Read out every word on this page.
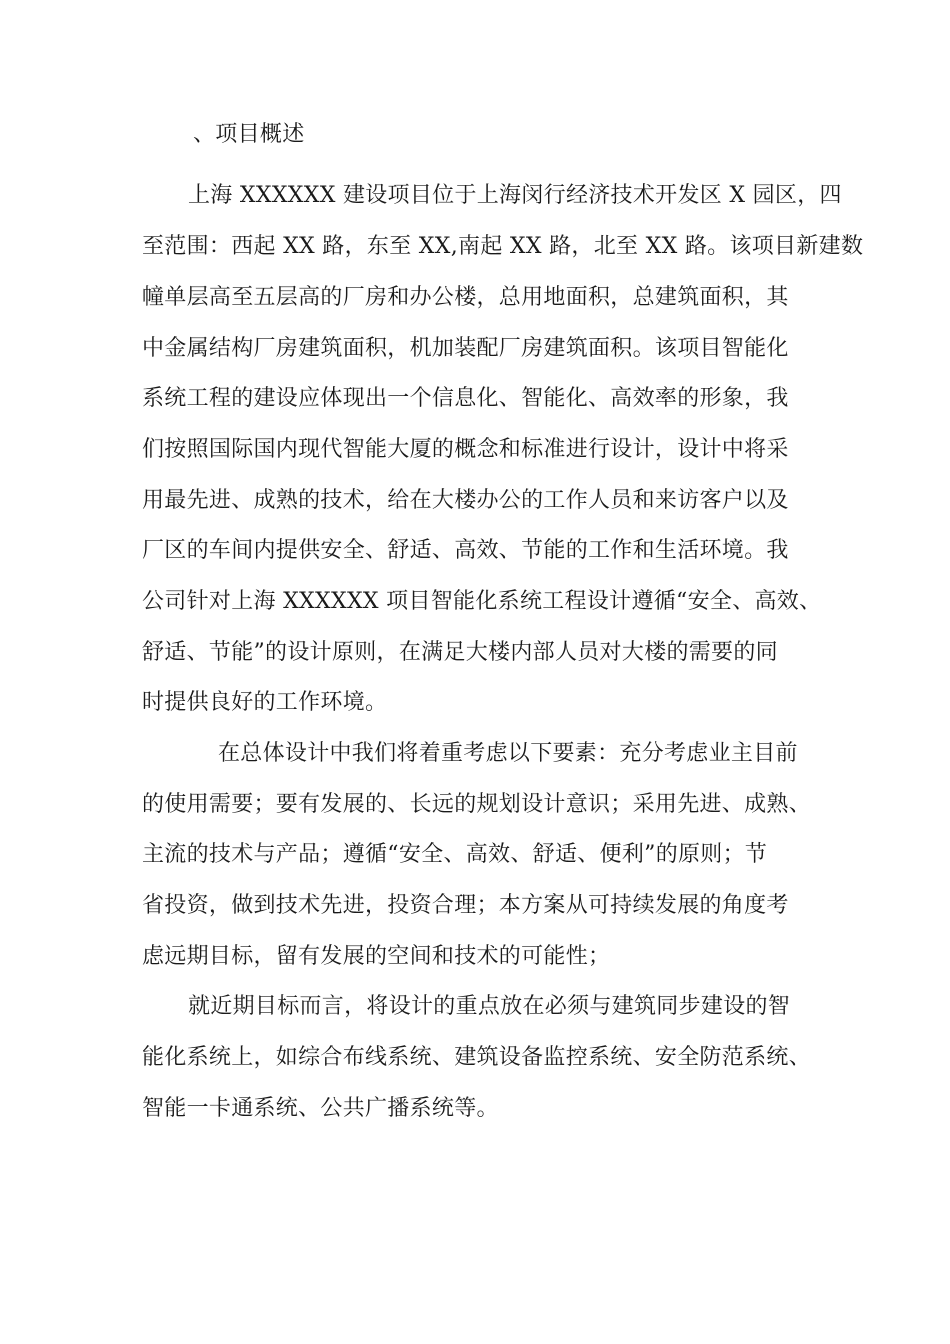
、项目概述
上海 XXXXXX 建设项目位于上海闵行经济技术开发区 X 园区，四
至范围：西起 XX 路，东至 XX,南起 XX 路，北至 XX 路。该项目新建数
幢单层高至五层高的厂房和办公楼，总用地面积，总建筑面积，其
中金属结构厂房建筑面积，机加装配厂房建筑面积。该项目智能化
系统工程的建设应体现出一个信息化、智能化、高效率的形象，我
们按照国际国内现代智能大厦的概念和标准进行设计，设计中将采
用最先进、成熟的技术，给在大楼办公的工作人员和来访客户以及
厂区的车间内提供安全、舒适、高效、节能的工作和生活环境。我
公司针对上海 XXXXXX 项目智能化系统工程设计遵循“安全、高效、
舒适、节能”的设计原则，在满足大楼内部人员对大楼的需要的同
时提供良好的工作环境。
在总体设计中我们将着重考虑以下要素：充分考虑业主目前
的使用需要；要有发展的、长远的规划设计意识；采用先进、成熟、
主流的技术与产品；遵循“安全、高效、舒适、便利”的原则；节
省投资，做到技术先进，投资合理；本方案从可持续发展的角度考
虑远期目标，留有发展的空间和技术的可能性；
就近期目标而言，将设计的重点放在必须与建筑同步建设的智
能化系统上，如综合布线系统、建筑设备监控系统、安全防范系统、
智能一卡通系统、公共广播系统等。
